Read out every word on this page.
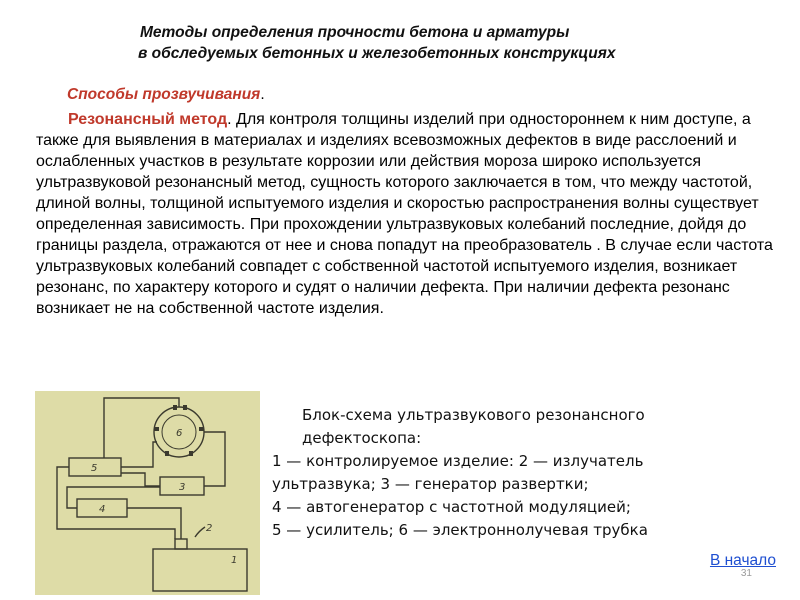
Методы определения прочности бетона и арматуры
в обследуемых бетонных и железобетонных конструкциях
Способы прозвучивания.
Резонансный метод. Для контроля толщины изделий при одностороннем к ним доступе, а также для выявления в материалах и изделиях всевозможных дефектов в виде расслоений и ослабленных участков в результате коррозии или действия мороза широко используется ультразвуковой резонансный метод, сущность которого заключается в том, что между частотой, длиной волны, толщиной испытуемого изделия и скоростью распространения волны существует определенная зависимость. При прохождении ультразвуковых колебаний последние, дойдя до границы раздела, отражаются от нее и снова попадут на преобразователь . В случае если частота ультразвуковых колебаний совпадет с собственной частотой испытуемого изделия, возникает резонанс, по характеру которого и судят о наличии дефекта. При наличии дефекта резонанс возникает не на собственной частоте изделия.
6
5
3
4
2
1
Блок-схема ультразвукового резонансного дефектоскопа:
1 — контролируемое изделие: 2 — излучатель ультразвука; 3 — генератор развертки;
4 — автогенератор с частотной модуляцией;
5 — усилитель; 6 — электроннолучевая трубка
31
В начало
